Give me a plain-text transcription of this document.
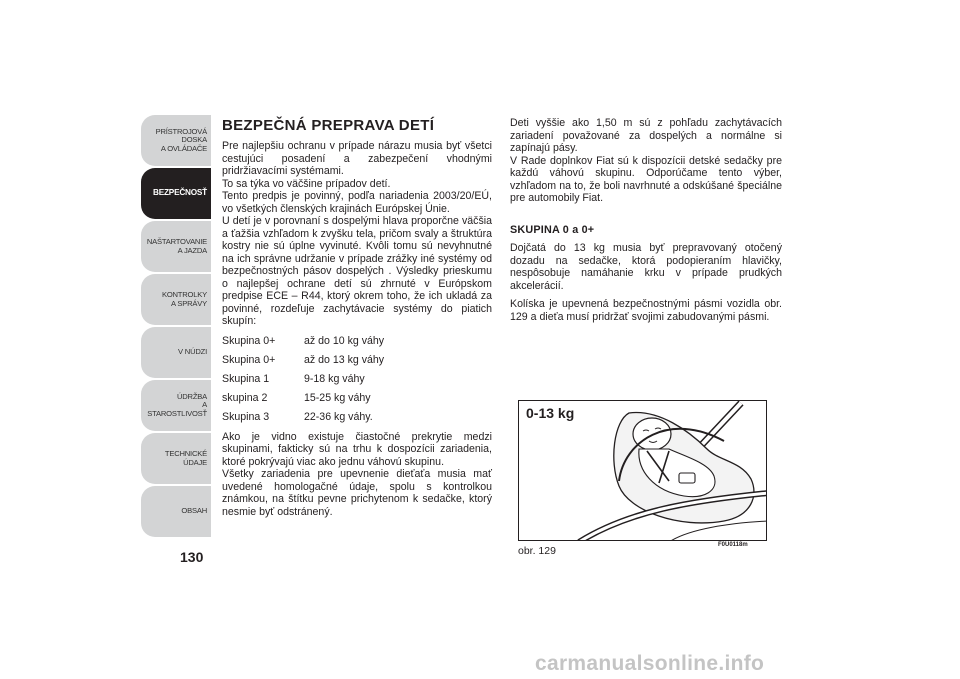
PRÍSTROJOVÁ
DOSKA
A OVLÁDAČE
BEZPEČNOSŤ
NAŠTARTOVANIE
A JAZDA
KONTROLKY
A SPRÁVY
V NÚDZI
ÚDRŽBA
A STAROSTLIVOSŤ
TECHNICKÉ ÚDAJE
OBSAH
130
BEZPEČNÁ PREPRAVA DETÍ

Pre najlepšiu ochranu v prípade nárazu musia byť všetci cestujúci posadení a zabezpečení vhodnými pridržiavacími systémami.

To sa týka vo väčšine prípadov detí.

Tento predpis je povinný, podľa nariadenia 2003/20/EÚ, vo všetkých členských krajinách Európskej Únie.

U detí je v porovnaní s dospelými hlava proporčne väčšia a ťažšia vzhľadom k zvyšku tela, pričom svaly a štruktúra kostry nie sú úplne vyvinuté. Kvôli tomu sú nevyhnutné na ich správne udržanie v prípade zrážky iné systémy od bezpečnostných pásov dospelých . Výsledky prieskumu o najlepšej ochrane detí sú zhrnuté v Európskom predpise ECE – R44, ktorý okrem toho, že ich ukladá za povinné, rozdeľuje zachytávacie systémy do piatich skupín:

Skupina 0+	až do 10 kg váhy
Skupina 0+	až do 13 kg váhy
Skupina 1	9-18 kg váhy
skupina 2	15-25 kg váhy
Skupina 3	22-36 kg váhy.

Ako je vidno existuje čiastočné prekrytie medzi skupinami, fakticky sú na trhu k dospozícii zariadenia, ktoré pokrývajú viac ako jednu váhovú skupinu.

Všetky zariadenia pre upevnenie dieťaťa musia mať uvedené homologačné údaje, spolu s kontrolkou známkou, na štítku pevne prichytenom k sedačke, ktorý nesmie byť odstránený.

Deti vyššie ako 1,50 m sú z pohľadu zachytávacích zariadení považované za dospelých a normálne si zapínajú pásy.

V Rade doplnkov Fiat sú k dispozícii detské sedačky pre každú váhovú skupinu. Odporúčame tento výber, vzhľadom na to, že boli navrhnuté a odskúšané špeciálne pre automobily Fiat.

SKUPINA 0 a 0+

Dojčatá do 13 kg musia byť prepravovaný otočený dozadu na sedačke, ktorá podopieraním hlavičky, nespôsobuje namáhanie krku v prípade prudkých akcelerácií.

Kolíska je upevnená bezpečnostnými pásmi vozidla obr. 129 a dieťa musí pridržať svojimi zabudovanými pásmi.

0-13 kg
F0U0118m
obr. 129
carmanualsonline.info
